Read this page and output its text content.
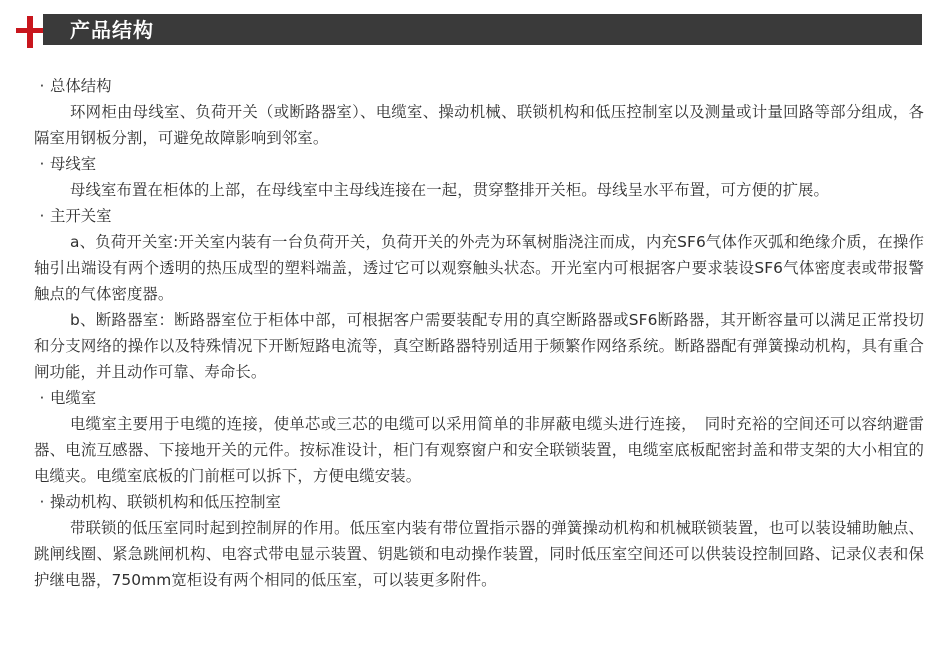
产品结构
· 总体结构

环网柜由母线室、负荷开关（或断路器室）、电缆室、操动机械、联锁机构和低压控制室以及测量或计量回路等部分组成，各隔室用钢板分割，可避免故障影响到邻室。

· 母线室

母线室布置在柜体的上部，在母线室中主母线连接在一起，贯穿整排开关柜。母线呈水平布置，可方便的扩展。

· 主开关室

a、负荷开关室:开关室内装有一台负荷开关，负荷开关的外壳为环氧树脂浇注而成，内充SF6气体作灭弧和绝缘介质，在操作轴引出端设有两个透明的热压成型的塑料端盖，透过它可以观察触头状态。开光室内可根据客户要求装设SF6气体密度表或带报警触点的气体密度器。

b、断路器室：断路器室位于柜体中部，可根据客户需要装配专用的真空断路器或SF6断路器，其开断容量可以满足正常投切和分支网络的操作以及特殊情况下开断短路电流等，真空断路器特别适用于频繁作网络系统。断路器配有弹簧操动机构，具有重合闸功能，并且动作可靠、寿命长。

· 电缆室

电缆室主要用于电缆的连接，使单芯或三芯的电缆可以采用简单的非屏蔽电缆头进行连接，　同时充裕的空间还可以容纳避雷器、电流互感器、下接地开关的元件。按标准设计，柜门有观察窗户和安全联锁装置，电缆室底板配密封盖和带支架的大小相宜的电缆夹。电缆室底板的门前框可以拆下，方便电缆安装。

· 操动机构、联锁机构和低压控制室

带联锁的低压室同时起到控制屏的作用。低压室内装有带位置指示器的弹簧操动机构和机械联锁装置，也可以装设辅助触点、跳闸线圈、紧急跳闸机构、电容式带电显示装置、钥匙锁和电动操作装置，同时低压室空间还可以供装设控制回路、记录仪表和保护继电器，750mm宽柜设有两个相同的低压室，可以装更多附件。
